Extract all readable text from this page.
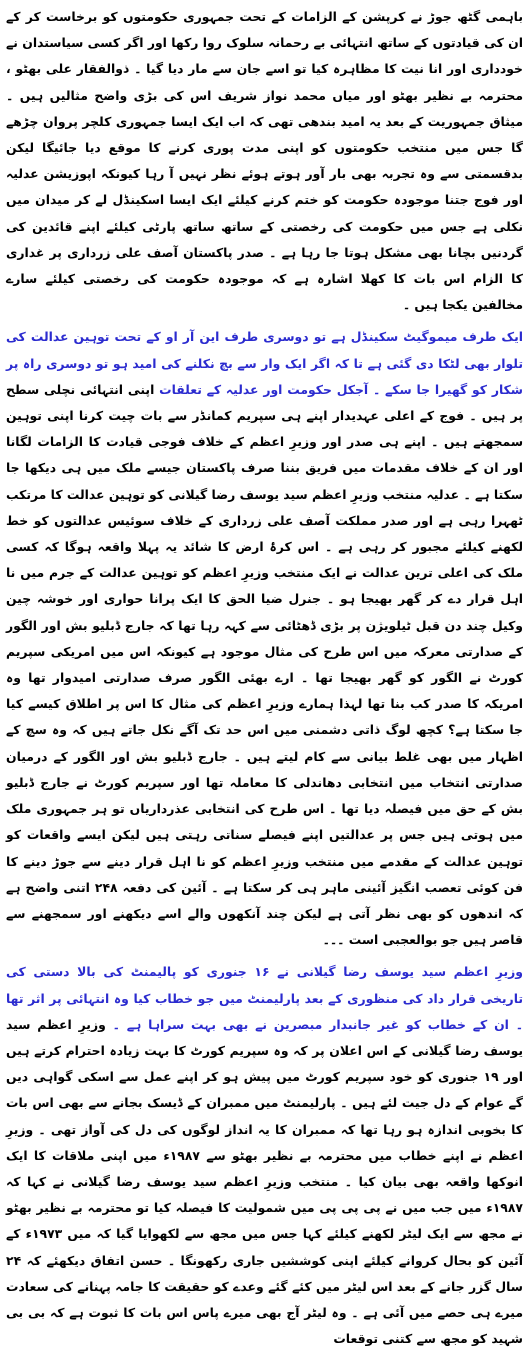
باہمی گٹھ جوڑ نے کرپشن کے الزامات کے تحت جمہوری حکومتوں کو برخاست کر کے ان کی قیادتوں کے ساتھ انتہائی بے رحمانہ سلوک روا رکھا اور اگر کسی سیاستدان نے خودداری اور انا نیت کا مظاہرہ کیا تو اسے جان سے مار دیا گیا ۔ ذوالفقار علی بھٹو ، محترمہ بے نظیر بھٹو اور میاں محمد نواز شریف اس کی بڑی واضح مثالیں ہیں ۔ میثاق جمہوریت کے بعد یہ امید بندھی تھی کہ اب ایک ایسا جمہوری کلچر پروان چڑھے گا جس میں منتخب حکومتوں کو اپنی مدت پوری کرنے کا موقع دیا جائیگا لیکن بدقسمتی سے وہ تجربہ بھی بار آور ہوتے ہوئے نظر نہیں آ رہا کیونکہ اپوزیشن عدلیہ اور فوج جتنا موجودہ حکومت کو ختم کرنے کیلئے ایک ایسا اسکینڈل لے کر میدان میں نکلی ہے جس میں حکومت کی رخصتی کے ساتھ ساتھ پارٹی کیلئے اپنے قائدین کی گردنیں بچانا بھی مشکل ہوتا جا رہا ہے ۔ صدر پاکستان آصف علی زرداری پر غداری کا الزام اس بات کا کھلا اشارہ ہے کہ موجودہ حکومت کی رخصتی کیلئے سارے مخالفین یکجا ہیں ۔

ایک طرف میموگیٹ سکینڈل ہے تو دوسری طرف این آر او کے تحت توہین عدالت کی تلوار بھی لٹکا دی گئی ہے تا کہ اگر ایک وار سے بچ نکلنے کی امید ہو تو دوسری راہ پر شکار کو گھیرا جا سکے ۔ آجکل حکومت اور عدلیہ کے تعلقات اپنی انتہائی نچلی سطح پر ہیں ۔ فوج کے اعلی عہدیدار اپنے ہی سپریم کمانڈر سے بات چیت کرنا اپنی توہین سمجھتے ہیں ۔ اپنے ہی صدر اور وزیرِ اعظم کے خلاف فوجی قیادت کا الزامات لگانا اور ان کے خلاف مقدمات میں فریق بننا صرف پاکستان جیسے ملک میں ہی دیکھا جا سکتا ہے ۔ عدلیہ منتخب وزیرِ اعظم سید یوسف رضا گیلانی کو توہین عدالت کا مرتکب ٹھہرا رہی ہے اور صدر مملکت آصف علی زرداری کے خلاف سوئیس عدالتوں کو خط لکھنے کیلئے مجبور کر رہی ہے ۔ اس کرۂ ارض کا شائد یہ پہلا واقعہ ہوگا کہ کسی ملک کی اعلی ترین عدالت نے ایک منتخب وزیرِ اعظم کو توہین عدالت کے جرم میں نا اہل قرار دے کر گھر بھیجا ہو ۔ جنرل ضیا الحق کا ایک پرانا حواری اور خوشہ چین وکیل چند دن قبل ٹیلویژن پر بڑی ڈھٹائی سے کہہ رہا تھا کہ جارج ڈبلیو بش اور الگور کے صدارتی معرکہ میں اس طرح کی مثال موجود ہے کیونکہ اس میں امریکی سپریم کورٹ نے الگور کو گھر بھیجا تھا ۔ ارے بھئی الگور صرف صدارتی امیدوار تھا وہ امریکہ کا صدر کب بنا تھا لہذا ہمارے وزیرِ اعظم کی مثال کا اس پر اطلاق کیسے کیا جا سکتا ہے؟ کچھ لوگ ذاتی دشمنی میں اس حد تک آگے نکل جاتے ہیں کہ وہ سچ کے اظہار میں بھی غلط بیانی سے کام لیتے ہیں ۔ جارج ڈبلیو بش اور الگور کے درمیان صدارتی انتخاب میں انتخابی دھاندلی کا معاملہ تھا اور سپریم کورٹ نے جارج ڈبلیو بش کے حق میں فیصلہ دیا تھا ۔ اس طرح کی انتخابی عذرداریاں تو ہر جمہوری ملک میں ہوتی ہیں جس پر عدالتیں اپنے فیصلے سناتی رہتی ہیں لیکن ایسے واقعات کو توہین عدالت کے مقدمے میں منتخب وزیرِ اعظم کو نا اہل قرار دینے سے جوڑ دینے کا فن کوئی تعصب انگیز آئینی ماہر ہی کر سکتا ہے ۔ آئین کی دفعہ ۲۴۸ اتنی واضح ہے کہ اندھوں کو بھی نظر آتی ہے لیکن چند آنکھوں والے اسے دیکھنے اور سمجھنے سے قاصر ہیں جو بوالعجبی است ۔۔۔

وزیرِ اعظم سید یوسف رضا گیلانی نے ۱۶ جنوری کو پالیمنٹ کی بالا دستی کی تاریخی قرار داد کی منظوری کے بعد پارلیمنٹ میں جو خطاب کیا وہ انتہائی پر اثر تھا ۔ ان کے خطاب کو غیر جانبدار مبصرین نے بھی بہت سراہا ہے ۔ وزیرِ اعظم سید یوسف رضا گیلانی کے اس اعلان پر کہ وہ سپریم کورٹ کا بہت زیادہ احترام کرتے ہیں اور ۱۹ جنوری کو خود سپریم کورٹ میں پیش ہو کر اپنے عمل سے اسکی گواہی دیں گے عوام کے دل جیت لئے ہیں ۔ پارلیمنٹ میں ممبران کے ڈیسک بجانے سے بھی اس بات کا بخوبی اندازہ ہو رہا تھا کہ ممبران کا یہ انداز لوگوں کی دل کی آواز تھی ۔ وزیرِ اعظم نے اپنے خطاب میں محترمہ بے نظیر بھٹو سے ۱۹۸۷ء میں اپنی ملاقات کا ایک انوکھا واقعہ بھی بیان کیا ۔ منتخب وزیرِ اعظم سید یوسف رضا گیلانی نے کہا کہ ۱۹۸۷ء میں جب میں نے پی پی پی میں شمولیت کا فیصلہ کیا تو محترمہ بے نظیر بھٹو نے مجھ سے ایک لیٹر لکھنے کیلئے کہا جس میں مجھ سے لکھوایا گیا کہ میں ۱۹۷۳ء کے آئین کو بحال کروانے کیلئے اپنی کوششیں جاری رکھونگا ۔ حسن اتفاق دیکھئے کہ ۲۴ سال گزر جانے کے بعد اس لیٹر میں کئے گئے وعدے کو حقیقت کا جامہ پہنانے کی سعادت میرے ہی حصے میں آئی ہے ۔ وہ لیٹر آج بھی میرے پاس اس بات کا ثبوت ہے کہ بی بی شہید کو مجھ سے کتنی توقعات
